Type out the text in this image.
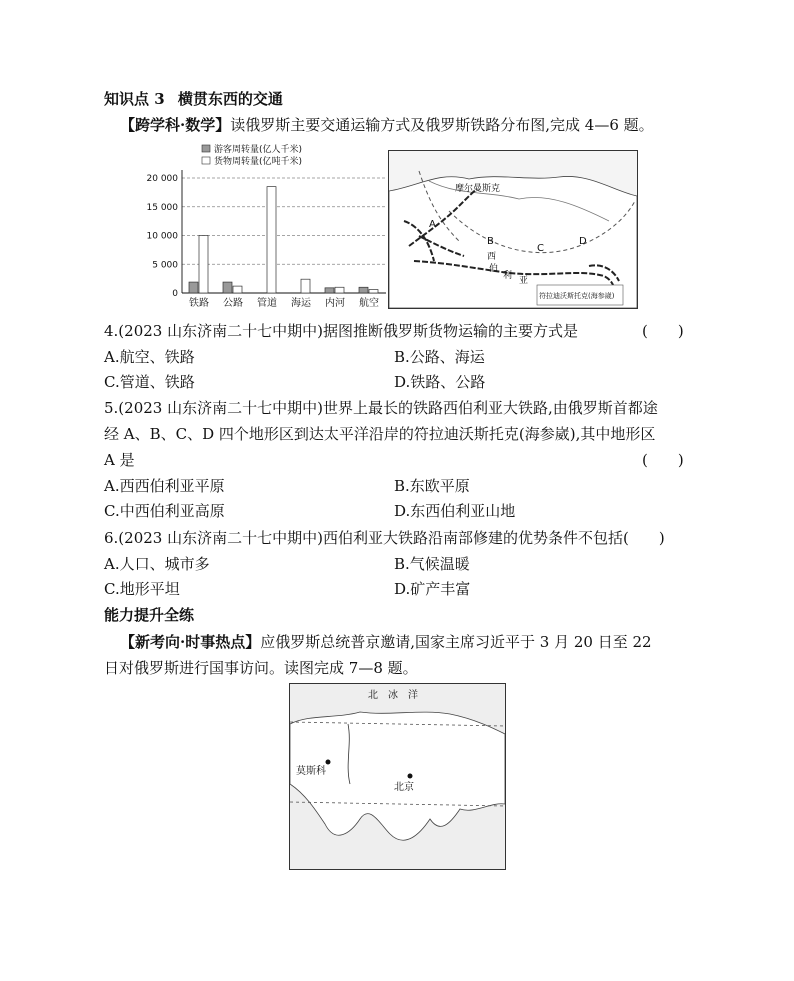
知识点 3 横贯东西的交通
【跨学科·数学】读俄罗斯主要交通运输方式及俄罗斯铁路分布图,完成 4—6 题。
游客周转量(亿人千米)
货物周转量(亿吨千米)
20 000
15 000
10 000
5 000
0
铁路 公路 管道 海运 内河 航空
摩尔曼斯克
A
B
C
D
西
伯
利 亚
符拉迪沃斯托克(海参崴)
4.(2023 山东济南二十七中期中)据图推断俄罗斯货物运输的主要方式是	(　　)
A.航空、铁路	B.公路、海运
C.管道、铁路	D.铁路、公路
5.(2023 山东济南二十七中期中)世界上最长的铁路西伯利亚大铁路,由俄罗斯首都途
经 A、B、C、D 四个地形区到达太平洋沿岸的符拉迪沃斯托克(海参崴),其中地形区
A 是	(　　)
A.西西伯利亚平原	B.东欧平原
C.中西伯利亚高原	D.东西伯利亚山地
6.(2023 山东济南二十七中期中)西伯利亚大铁路沿南部修建的优势条件不包括(　　)
A.人口、城市多	B.气候温暖
C.地形平坦	D.矿产丰富
能力提升全练
【新考向·时事热点】应俄罗斯总统普京邀请,国家主席习近平于 3 月 20 日至 22
日对俄罗斯进行国事访问。读图完成 7—8 题。
北　冰　洋
莫斯科
北京
